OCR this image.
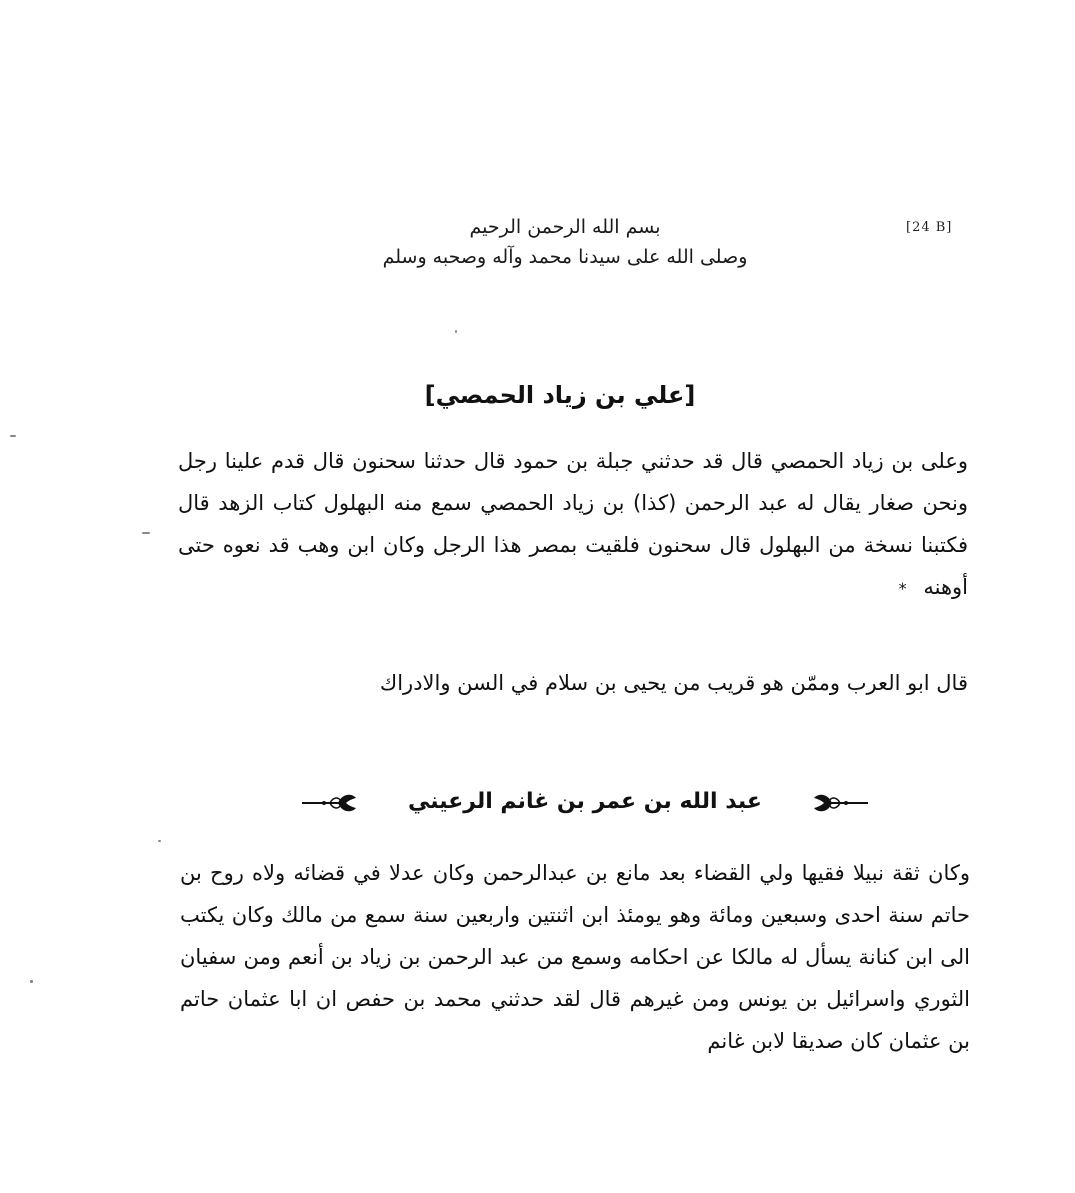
[24 B]
بسم الله الرحمن الرحيم
وصلى الله على سيدنا محمد وآله وصحبه وسلم
[علي بن زياد الحمصي]
وعلى بن زياد الحمصي قال قد حدثني جبلة بن حمود قال حدثنا سحنون قال قدم علينا رجل ونحن صغار يقال له عبد الرحمن (كذا) بن زياد الحمصي سمع منه البهلول كتاب الزهد قال فكتبنا نسخة من البهلول قال سحنون فلقيت بمصر هذا الرجل وكان ابن وهب قد نعوه حتى أوهنه *
قال ابو العرب وممّن هو قريب من يحيى بن سلام في السن والادراك
عبد الله بن عمر بن غانم الرعيني
وكان ثقة نبيلا فقيها ولي القضاء بعد مانع بن عبدالرحمن وكان عدلا في قضائه ولاه روح بن حاتم سنة احدى وسبعين ومائة وهو يومئذ ابن اثنتين واربعين سنة سمع من مالك وكان يكتب الى ابن كنانة يسأل له مالكا عن احكامه وسمع من عبد الرحمن بن زياد بن أنعم ومن سفيان الثوري واسرائيل بن يونس ومن غيرهم قال لقد حدثني محمد بن حفص ان ابا عثمان حاتم بن عثمان كان صديقا لابن غانم
